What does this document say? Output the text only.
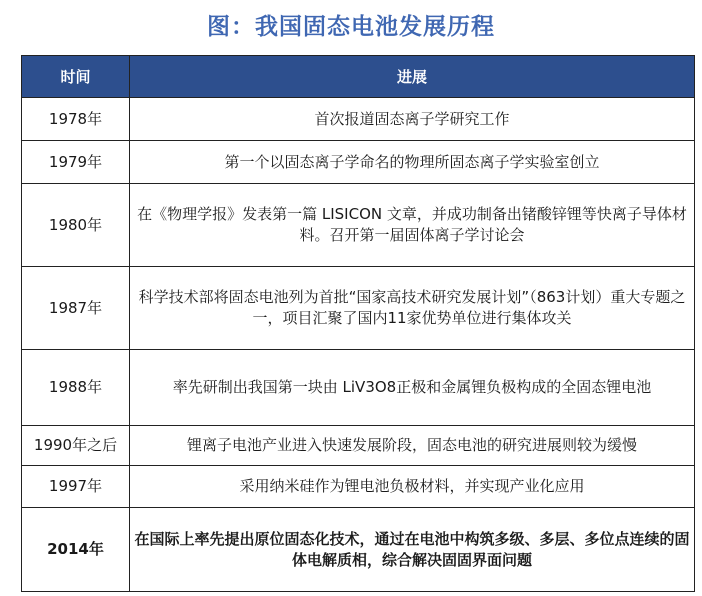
图：我国固态电池发展历程
时间	进展
1978年	首次报道固态离子学研究工作

1979年	第一个以固态离子学命名的物理所固态离子学实验室创立

1980年	在《物理学报》发表第一篇 LISICON 文章，并成功制备出锗酸锌锂等快离子导体材料。召开第一届固体离子学讨论会

1987年	科学技术部将固态电池列为首批“国家高技术研究发展计划”（863计划）重大专题之一，项目汇聚了国内11家优势单位进行集体攻关

1988年	率先研制出我国第一块由 LiV3O8正极和金属锂负极构成的全固态锂电池

1990年之后	锂离子电池产业进入快速发展阶段，固态电池的研究进展则较为缓慢

1997年	采用纳米硅作为锂电池负极材料，并实现产业化应用

2014年	在国际上率先提出原位固态化技术，通过在电池中构筑多级、多层、多位点连续的固体电解质相，综合解决固固界面问题
